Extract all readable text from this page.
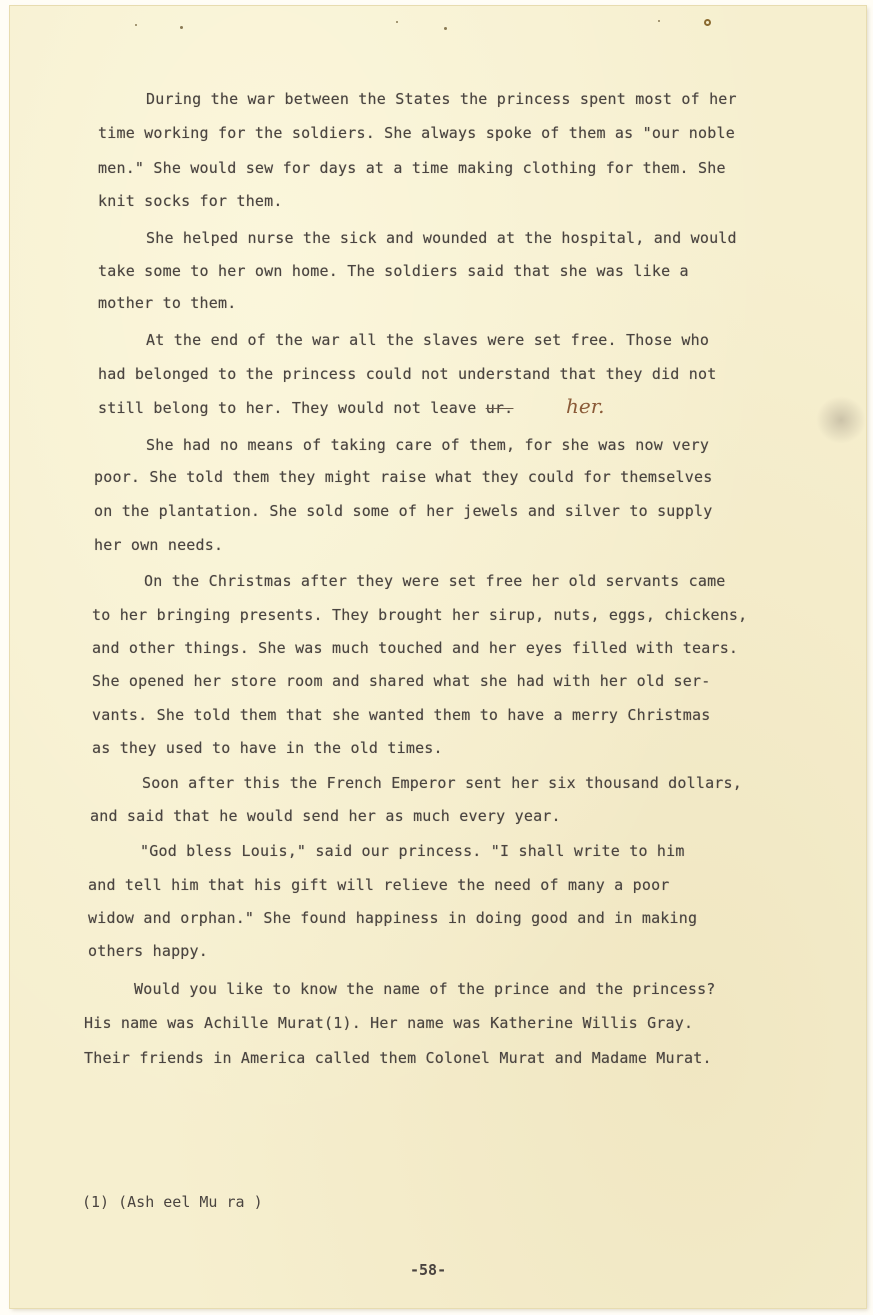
During the war between the States the princess spent most of her
time working for the soldiers. She always spoke of them as "our noble
men." She would sew for days at a time making clothing for them. She
knit socks for them.
She helped nurse the sick and wounded at the hospital, and would
take some to her own home. The soldiers said that she was like a
mother to them.
At the end of the war all the slaves were set free. Those who
had belonged to the princess could not understand that they did not
still belong to her. They would not leave ur.	her.
She had no means of taking care of them, for she was now very
poor. She told them they might raise what they could for themselves
on the plantation. She sold some of her jewels and silver to supply
her own needs.
On the Christmas after they were set free her old servants came
to her bringing presents. They brought her sirup, nuts, eggs, chickens,
and other things. She was much touched and her eyes filled with tears.
She opened her store room and shared what she had with her old ser-
vants. She told them that she wanted them to have a merry Christmas
as they used to have in the old times.
Soon after this the French Emperor sent her six thousand dollars,
and said that he would send her as much every year.
"God bless Louis," said our princess. "I shall write to him
and tell him that his gift will relieve the need of many a poor
widow and orphan." She found happiness in doing good and in making
others happy.
Would you like to know the name of the prince and the princess?
His name was Achille Murat(1). Her name was Katherine Willis Gray.
Their friends in America called them Colonel Murat and Madame Murat.
(1) (Ash eel Mu ra )
-58-
